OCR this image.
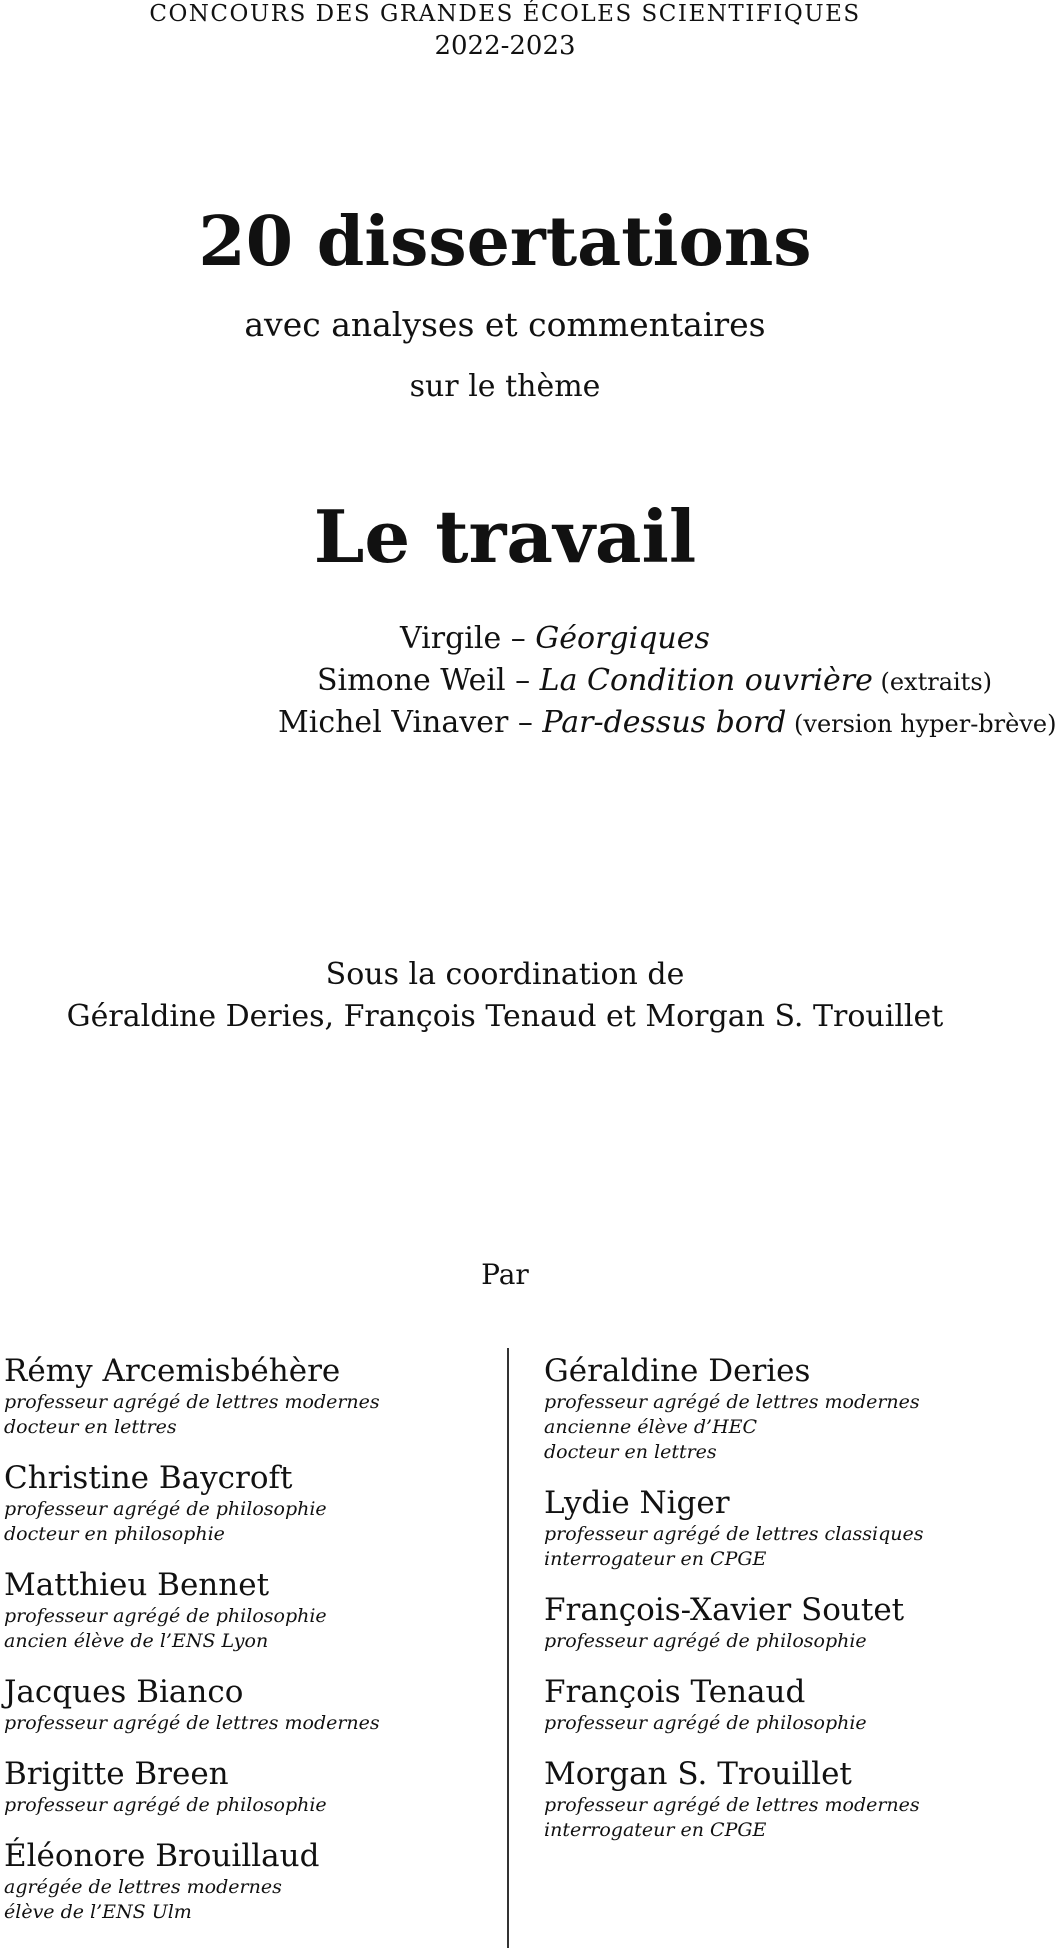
CONCOURS DES GRANDES ÉCOLES SCIENTIFIQUES
2022-2023
20 dissertations
avec analyses et commentaires
sur le thème
Le travail
Virgile – Géorgiques
Simone Weil – La Condition ouvrière (extraits)
Michel Vinaver – Par-dessus bord (version hyper-brève)
Sous la coordination de
Géraldine Deries, François Tenaud et Morgan S. Trouillet
Par
Rémy Arcemisbéhère
professeur agrégé de lettres modernes
docteur en lettres
Christine Baycroft
professeur agrégé de philosophie
docteur en philosophie
Matthieu Bennet
professeur agrégé de philosophie
ancien élève de l’ENS Lyon
Jacques Bianco
professeur agrégé de lettres modernes
Brigitte Breen
professeur agrégé de philosophie
Éléonore Brouillaud
agrégée de lettres modernes
élève de l’ENS Ulm
Géraldine Deries
professeur agrégé de lettres modernes
ancienne élève d’HEC
docteur en lettres
Lydie Niger
professeur agrégé de lettres classiques
interrogateur en CPGE
François-Xavier Soutet
professeur agrégé de philosophie
François Tenaud
professeur agrégé de philosophie
Morgan S. Trouillet
professeur agrégé de lettres modernes
interrogateur en CPGE
